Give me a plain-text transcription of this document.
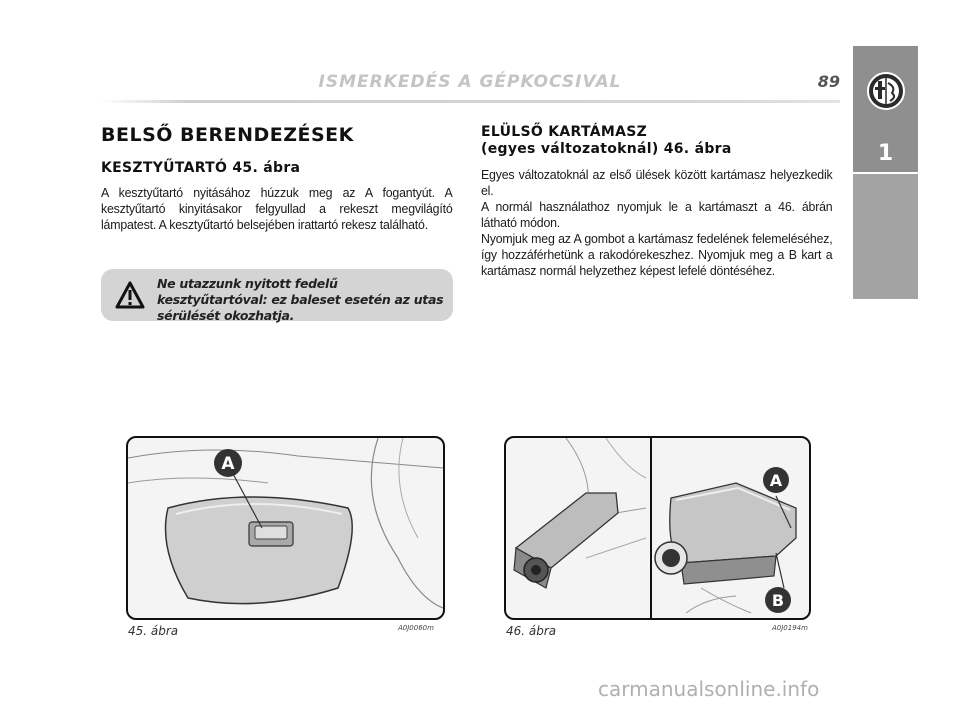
ISMERKEDÉS A GÉPKOCSIVAL	89
1
BELSŐ BERENDEZÉSEK
KESZTYŰTARTÓ 45. ábra

A kesztyűtartó nyitásához húzzuk meg az A fogantyút. A kesztyűtartó kinyitásakor felgyullad a rekeszt megvilágító lámpatest. A kesztyűtartó belsejében irattartó rekesz található.

Ne utazzunk nyitott fedelű kesztyűtartóval: ez baleset esetén az utas sérülését okozhatja.
ELÜLSŐ KARTÁMASZ
(egyes változatoknál) 46. ábra

Egyes változatoknál az első ülések között kartámasz helyezkedik el.

A normál használathoz nyomjuk le a kartámaszt a 46. ábrán látható módon.

Nyomjuk meg az A gombot a kartámasz fedelének felemeléséhez, így hozzáférhetünk a rakodórekeszhez. Nyomjuk meg a B kart a kartámasz normál helyzethez képest lefelé döntéséhez.

A
45. ábra	A0J0060m
A
B
46. ábra	A0J0194m
carmanualsonline.info
